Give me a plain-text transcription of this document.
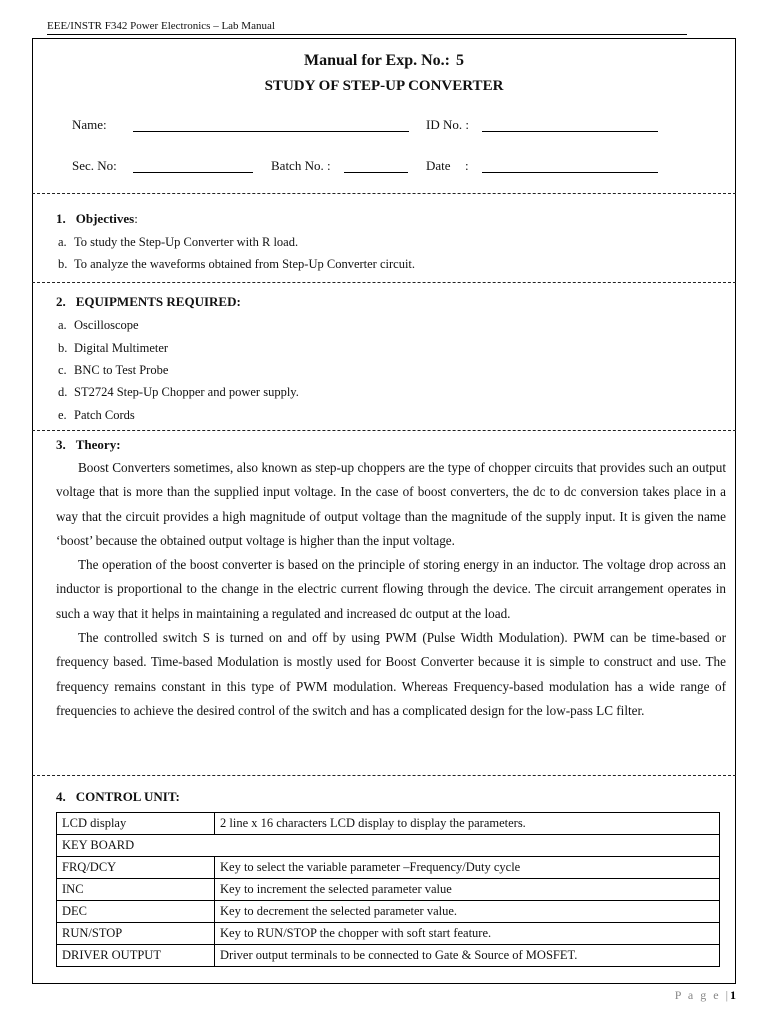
EEE/INSTR F342 Power Electronics – Lab Manual
Manual for Exp. No.: 5
STUDY OF STEP-UP CONVERTER
Name:	ID No. :
Sec. No:	Batch No. :	Date :
1. Objectives:
a. To study the Step-Up Converter with R load.
b. To analyze the waveforms obtained from Step-Up Converter circuit.
2. EQUIPMENTS REQUIRED:
a. Oscilloscope
b. Digital Multimeter
c. BNC to Test Probe
d. ST2724 Step-Up Chopper and power supply.
e. Patch Cords
3. Theory:

Boost Converters sometimes, also known as step-up choppers are the type of chopper circuits that provides such an output voltage that is more than the supplied input voltage. In the case of boost converters, the dc to dc conversion takes place in a way that the circuit provides a high magnitude of output voltage than the magnitude of the supply input. It is given the name ‘boost’ because the obtained output voltage is higher than the input voltage.

The operation of the boost converter is based on the principle of storing energy in an inductor. The voltage drop across an inductor is proportional to the change in the electric current flowing through the device. The circuit arrangement operates in such a way that it helps in maintaining a regulated and increased dc output at the load.

The controlled switch S is turned on and off by using PWM (Pulse Width Modulation). PWM can be time-based or frequency based. Time-based Modulation is mostly used for Boost Converter because it is simple to construct and use. The frequency remains constant in this type of PWM modulation. Whereas Frequency-based modulation has a wide range of frequencies to achieve the desired control of the switch and has a complicated design for the low-pass LC filter.

4. CONTROL UNIT:
LCD display	2 line x 16 characters LCD display to display the parameters.
KEY BOARD	
FRQ/DCY	Key to select the variable parameter –Frequency/Duty cycle
INC	Key to increment the selected parameter value
DEC	Key to decrement the selected parameter value.
RUN/STOP	Key to RUN/STOP the chopper with soft start feature.
DRIVER OUTPUT	Driver output terminals to be connected to Gate & Source of MOSFET.
P a g e |1
